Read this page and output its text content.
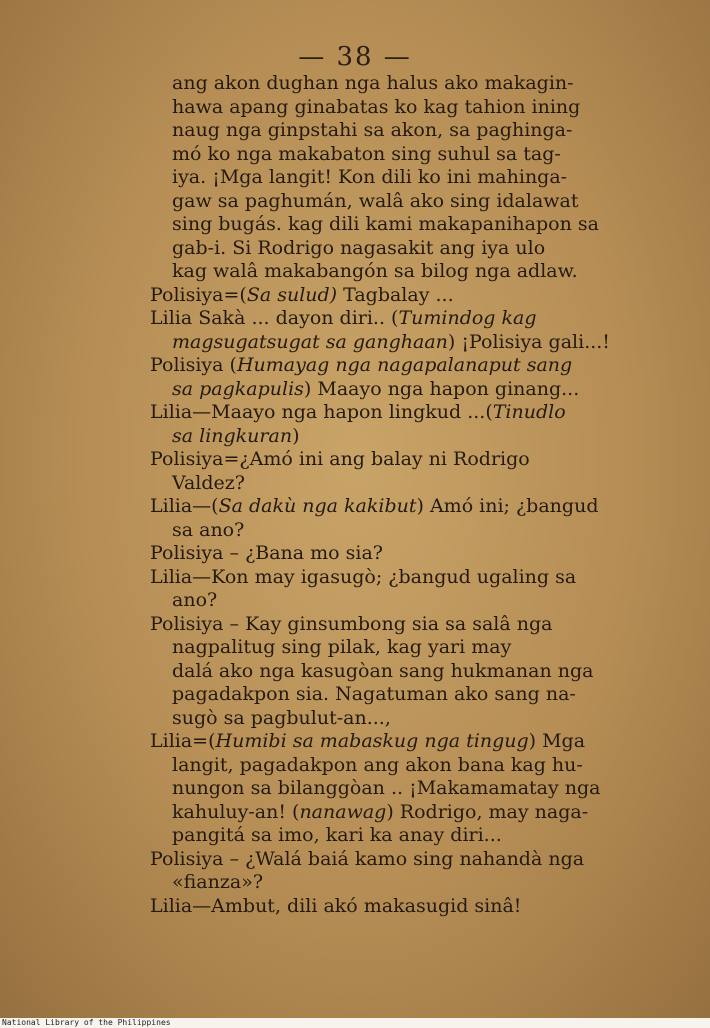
— 38 —
ang akon dughan nga halus ako makagin-
hawa apang ginabatas ko kag tahion ining
naug nga ginpstahi sa akon, sa paghinga-
mó ko nga makabaton sing suhul sa tag-
iya. ¡Mga langit! Kon dili ko ini mahinga-
gaw sa paghumán, walâ ako sing idalawat
sing bugás. kag dili kami makapanihapon sa
gab-i. Si Rodrigo nagasakit ang iya ulo
kag walâ makabangón sa bilog nga adlaw.
Polisiya=(Sa sulud) Tagbalay ...
Lilia Sakà ... dayon diri.. (Tumindog kag
magsugatsugat sa ganghaan) ¡Polisiya gali...!
Polisiya (Humayag nga nagapalanaput sang
sa pagkapulis) Maayo nga hapon ginang...
Lilia—Maayo nga hapon lingkud ...(Tinudlo
sa lingkuran)
Polisiya=¿Amó ini ang balay ni Rodrigo
Valdez?
Lilia—(Sa dakù nga kakibut) Amó ini; ¿bangud
sa ano?
Polisiya – ¿Bana mo sia?
Lilia—Kon may igasugò; ¿bangud ugaling sa
ano?
Polisiya – Kay ginsumbong sia sa salâ nga
nagpalitug sing pilak, kag yari may
dalá ako nga kasugòan sang hukmanan nga
pagadakpon sia. Nagatuman ako sang na-
sugò sa pagbulut-an...,
Lilia=(Humibi sa mabaskug nga tingug) Mga
langit, pagadakpon ang akon bana kag hu-
nungon sa bilanggòan .. ¡Makamamatay nga
kahuluy-an! (nanawag) Rodrigo, may naga-
pangitá sa imo, kari ka anay diri...
Polisiya – ¿Walá baiá kamo sing nahandà nga
«fianza»?
Lilia—Ambut, dili akó makasugid sinâ!
National Library of the Philippines
